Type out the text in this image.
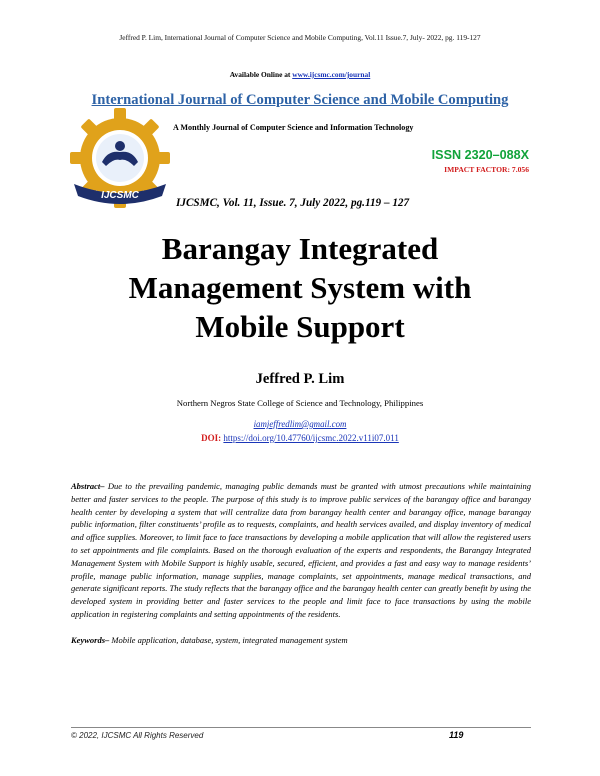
Jeffred P. Lim, International Journal of Computer Science and Mobile Computing, Vol.11 Issue.7, July- 2022, pg. 119-127
Available Online at www.ijcsmc.com/journal
International Journal of Computer Science and Mobile Computing
IJCSMC
A Monthly Journal of Computer Science and Information Technology
ISSN 2320–088X
IMPACT FACTOR: 7.056
IJCSMC, Vol. 11, Issue. 7, July 2022, pg.119 – 127
Barangay Integrated
Management System with
Mobile Support
Jeffred P. Lim
Northern Negros State College of Science and Technology, Philippines
iamjeffredlim@gmail.com
DOI: https://doi.org/10.47760/ijcsmc.2022.v11i07.011
Abstract– Due to the prevailing pandemic, managing public demands must be granted with utmost precautions while maintaining better and faster services to the people. The purpose of this study is to improve public services of the barangay office and barangay health center by developing a system that will centralize data from barangay health center and barangay office, manage barangay public information, filter constituents’ profile as to requests, complaints, and health services availed, and display inventory of medical and office supplies. Moreover, to limit face to face transactions by developing a mobile application that will allow the registered users to set appointments and file complaints. Based on the thorough evaluation of the experts and respondents, the Barangay Integrated Management System with Mobile Support is highly usable, secured, efficient, and provides a fast and easy way to manage residents’ profile, manage public information, manage supplies, manage complaints, set appointments, manage medical transactions, and generate significant reports. The study reflects that the barangay office and the barangay health center can greatly benefit by using the developed system in providing better and faster services to the people and limit face to face transactions by using the mobile application in registering complaints and setting appointments of the residents.
Keywords– Mobile application, database, system, integrated management system
© 2022, IJCSMC All Rights Reserved	119
